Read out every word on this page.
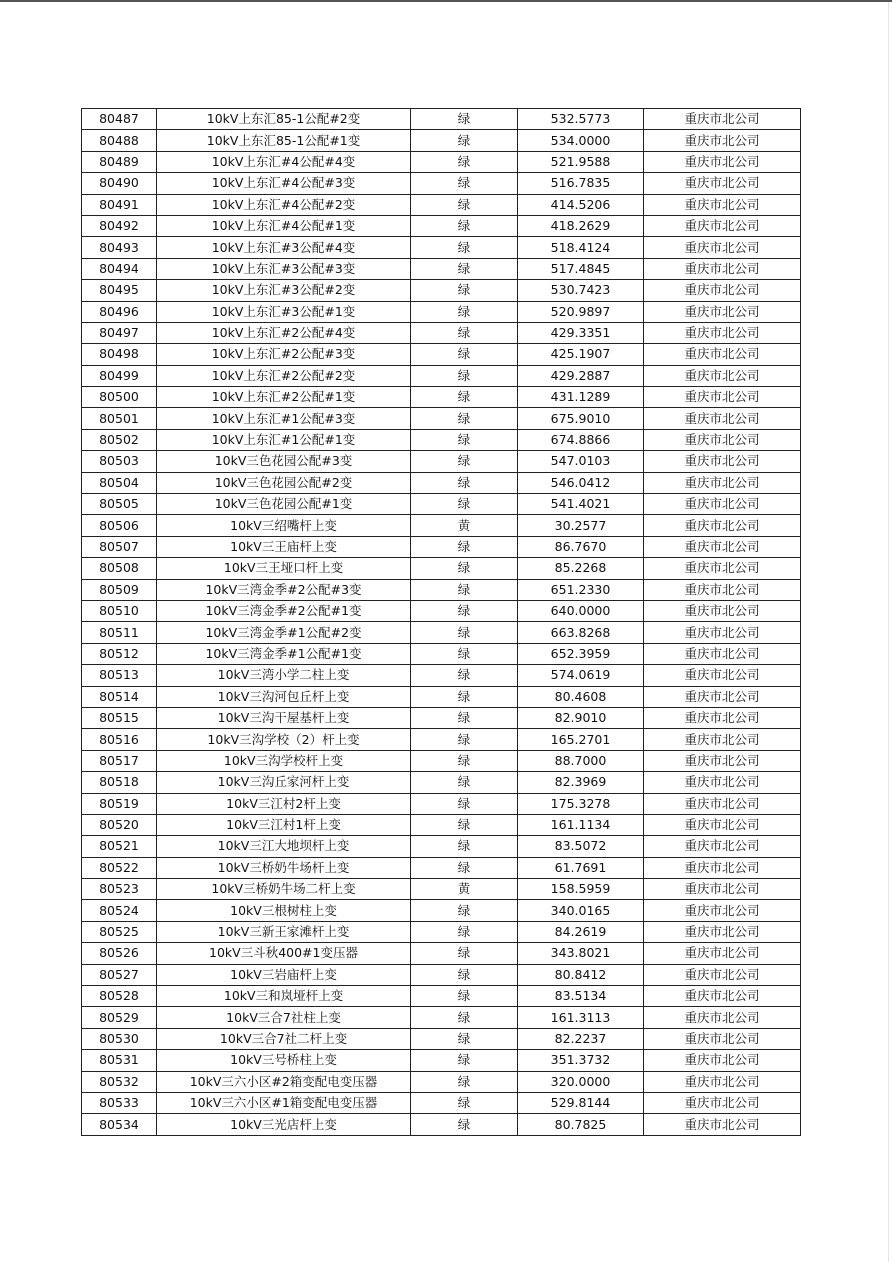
80487	10kV上东汇85-1公配#2变	绿	532.5773	重庆市北公司
80488	10kV上东汇85-1公配#1变	绿	534.0000	重庆市北公司
80489	10kV上东汇#4公配#4变	绿	521.9588	重庆市北公司
80490	10kV上东汇#4公配#3变	绿	516.7835	重庆市北公司
80491	10kV上东汇#4公配#2变	绿	414.5206	重庆市北公司
80492	10kV上东汇#4公配#1变	绿	418.2629	重庆市北公司
80493	10kV上东汇#3公配#4变	绿	518.4124	重庆市北公司
80494	10kV上东汇#3公配#3变	绿	517.4845	重庆市北公司
80495	10kV上东汇#3公配#2变	绿	530.7423	重庆市北公司
80496	10kV上东汇#3公配#1变	绿	520.9897	重庆市北公司
80497	10kV上东汇#2公配#4变	绿	429.3351	重庆市北公司
80498	10kV上东汇#2公配#3变	绿	425.1907	重庆市北公司
80499	10kV上东汇#2公配#2变	绿	429.2887	重庆市北公司
80500	10kV上东汇#2公配#1变	绿	431.1289	重庆市北公司
80501	10kV上东汇#1公配#3变	绿	675.9010	重庆市北公司
80502	10kV上东汇#1公配#1变	绿	674.8866	重庆市北公司
80503	10kV三色花园公配#3变	绿	547.0103	重庆市北公司
80504	10kV三色花园公配#2变	绿	546.0412	重庆市北公司
80505	10kV三色花园公配#1变	绿	541.4021	重庆市北公司
80506	10kV三绍嘴杆上变	黄	30.2577	重庆市北公司
80507	10kV三王庙杆上变	绿	86.7670	重庆市北公司
80508	10kV三王垭口杆上变	绿	85.2268	重庆市北公司
80509	10kV三湾金季#2公配#3变	绿	651.2330	重庆市北公司
80510	10kV三湾金季#2公配#1变	绿	640.0000	重庆市北公司
80511	10kV三湾金季#1公配#2变	绿	663.8268	重庆市北公司
80512	10kV三湾金季#1公配#1变	绿	652.3959	重庆市北公司
80513	10kV三湾小学二柱上变	绿	574.0619	重庆市北公司
80514	10kV三沟河包丘杆上变	绿	80.4608	重庆市北公司
80515	10kV三沟干屋基杆上变	绿	82.9010	重庆市北公司
80516	10kV三沟学校（2）杆上变	绿	165.2701	重庆市北公司
80517	10kV三沟学校杆上变	绿	88.7000	重庆市北公司
80518	10kV三沟丘家河杆上变	绿	82.3969	重庆市北公司
80519	10kV三江村2杆上变	绿	175.3278	重庆市北公司
80520	10kV三江村1杆上变	绿	161.1134	重庆市北公司
80521	10kV三江大地坝杆上变	绿	83.5072	重庆市北公司
80522	10kV三桥奶牛场杆上变	绿	61.7691	重庆市北公司
80523	10kV三桥奶牛场二杆上变	黄	158.5959	重庆市北公司
80524	10kV三根树柱上变	绿	340.0165	重庆市北公司
80525	10kV三新王家滩杆上变	绿	84.2619	重庆市北公司
80526	10kV三斗秋400#1变压器	绿	343.8021	重庆市北公司
80527	10kV三岩庙杆上变	绿	80.8412	重庆市北公司
80528	10kV三和岚垭杆上变	绿	83.5134	重庆市北公司
80529	10kV三合7社柱上变	绿	161.3113	重庆市北公司
80530	10kV三合7社二杆上变	绿	82.2237	重庆市北公司
80531	10kV三号桥柱上变	绿	351.3732	重庆市北公司
80532	10kV三六小区#2箱变配电变压器	绿	320.0000	重庆市北公司
80533	10kV三六小区#1箱变配电变压器	绿	529.8144	重庆市北公司
80534	10kV三光店杆上变	绿	80.7825	重庆市北公司
